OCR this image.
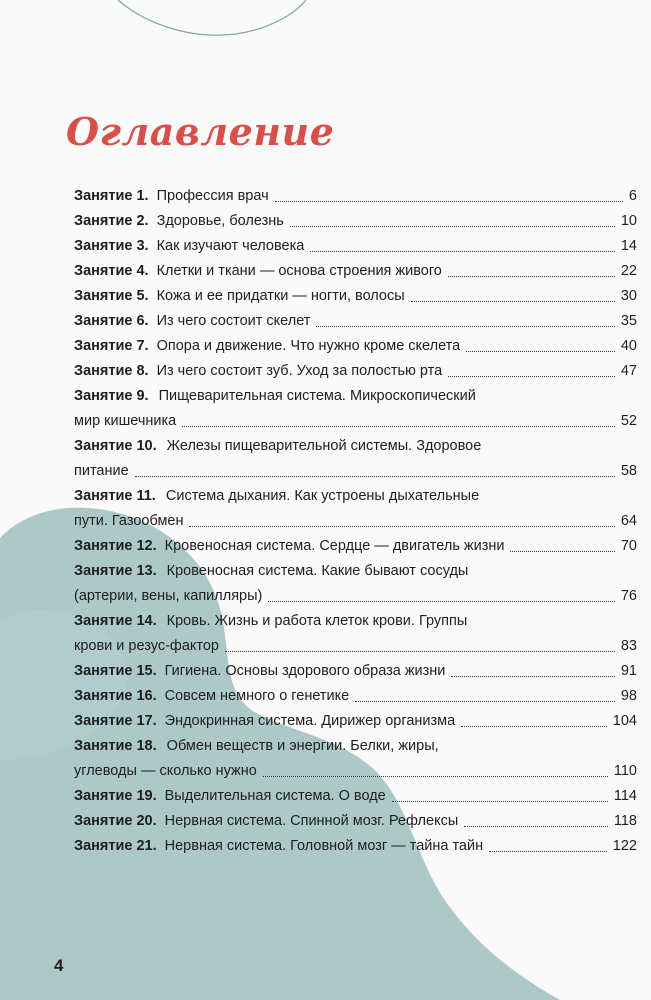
Оглавление
Занятие 1. Профессия врач	6
Занятие 2. Здоровье, болезнь	10
Занятие 3. Как изучают человека	14
Занятие 4. Клетки и ткани — основа строения живого	22
Занятие 5. Кожа и ее придатки — ногти, волосы	30
Занятие 6. Из чего состоит скелет	35
Занятие 7. Опора и движение. Что нужно кроме скелета	40
Занятие 8. Из чего состоит зуб. Уход за полостью рта	47
Занятие 9. Пищеварительная система. Микроскопический
мир кишечника	52
Занятие 10. Железы пищеварительной системы. Здоровое
питание	58
Занятие 11. Система дыхания. Как устроены дыхательные
пути. Газообмен	64
Занятие 12. Кровеносная система. Сердце — двигатель жизни	70
Занятие 13. Кровеносная система. Какие бывают сосуды
(артерии, вены, капилляры)	76
Занятие 14. Кровь. Жизнь и работа клеток крови. Группы
крови и резус-фактор	83
Занятие 15. Гигиена. Основы здорового образа жизни	91
Занятие 16. Совсем немного о генетике	98
Занятие 17. Эндокринная система. Дирижер организма	104
Занятие 18. Обмен веществ и энергии. Белки, жиры,
углеводы — сколько нужно	110
Занятие 19. Выделительная система. О воде	114
Занятие 20. Нервная система. Спинной мозг. Рефлексы	118
Занятие 21. Нервная система. Головной мозг — тайна тайн	122
4
